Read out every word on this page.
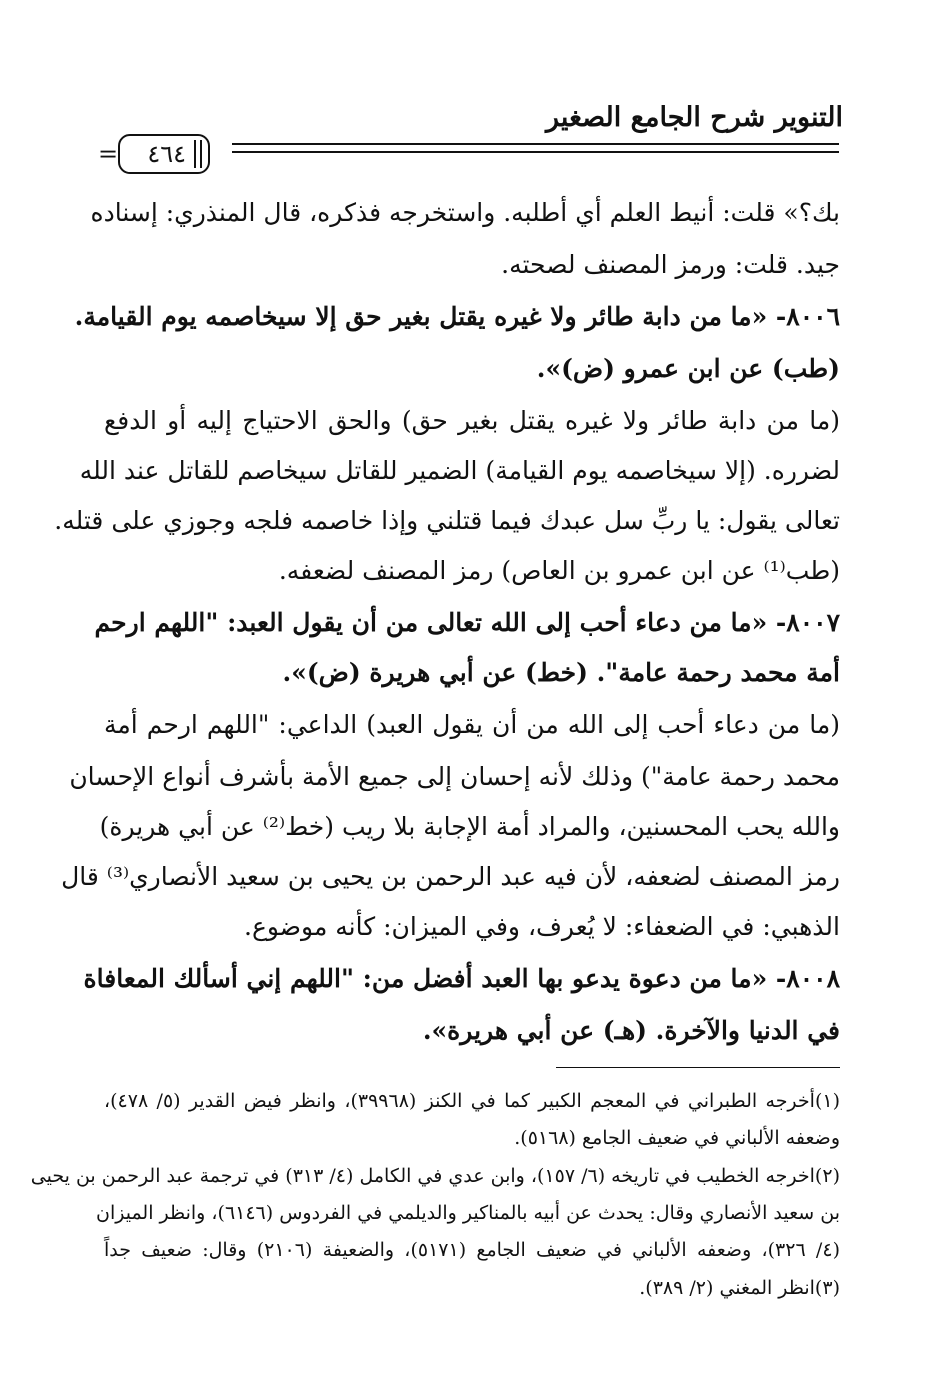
التنوير شرح الجامع الصغير
٤٦٤
=
بك؟» قلت: أنيط العلم أي أطلبه. واستخرجه فذكره، قال المنذري: إسناده
جيد. قلت: ورمز المصنف لصحته.
٨٠٠٦- «ما من دابة طائر ولا غيره يقتل بغير حق إلا سيخاصمه يوم القيامة.
(طب) عن ابن عمرو (ض)».
(ما من دابة طائر ولا غيره يقتل بغير حق) والحق الاحتياج إليه أو الدفع
لضرره. (إلا سيخاصمه يوم القيامة) الضمير للقاتل سيخاصم للقاتل عند الله
تعالى يقول: يا ربِّ سل عبدك فيما قتلني وإذا خاصمه فلجه وجوزي على قتله.
(طب⁽¹⁾ عن ابن عمرو بن العاص) رمز المصنف لضعفه.
٨٠٠٧- «ما من دعاء أحب إلى الله تعالى من أن يقول العبد: "اللهم ارحم
أمة محمد رحمة عامة". (خط) عن أبي هريرة (ض)».
(ما من دعاء أحب إلى الله من أن يقول العبد) الداعي: "اللهم ارحم أمة
محمد رحمة عامة") وذلك لأنه إحسان إلى جميع الأمة بأشرف أنواع الإحسان
والله يحب المحسنين، والمراد أمة الإجابة بلا ريب (خط⁽²⁾ عن أبي هريرة)
رمز المصنف لضعفه، لأن فيه عبد الرحمن بن يحيى بن سعيد الأنصاري⁽³⁾ قال
الذهبي: في الضعفاء: لا يُعرف، وفي الميزان: كأنه موضوع.
٨٠٠٨- «ما من دعوة يدعو بها العبد أفضل من: "اللهم إني أسألك المعافاة
في الدنيا والآخرة. (هـ) عن أبي هريرة».
(١)أخرجه الطبراني في المعجم الكبير كما في الكنز (٣٩٩٦٨)، وانظر فيض القدير (٥/ ٤٧٨)،
وضعفه الألباني في ضعيف الجامع (٥١٦٨).
(٢)اخرجه الخطيب في تاريخه (٦/ ١٥٧)، وابن عدي في الكامل (٤/ ٣١٣) في ترجمة عبد الرحمن بن يحيى
بن سعيد الأنصاري وقال: يحدث عن أبيه بالمناكير والديلمي في الفردوس (٦١٤٦)، وانظر الميزان
(٤/ ٣٢٦)، وضعفه الألباني في ضعيف الجامع (٥١٧١)، والضعيفة (٢١٠٦) وقال: ضعيف جداً
(٣)انظر المغني (٢/ ٣٨٩).
